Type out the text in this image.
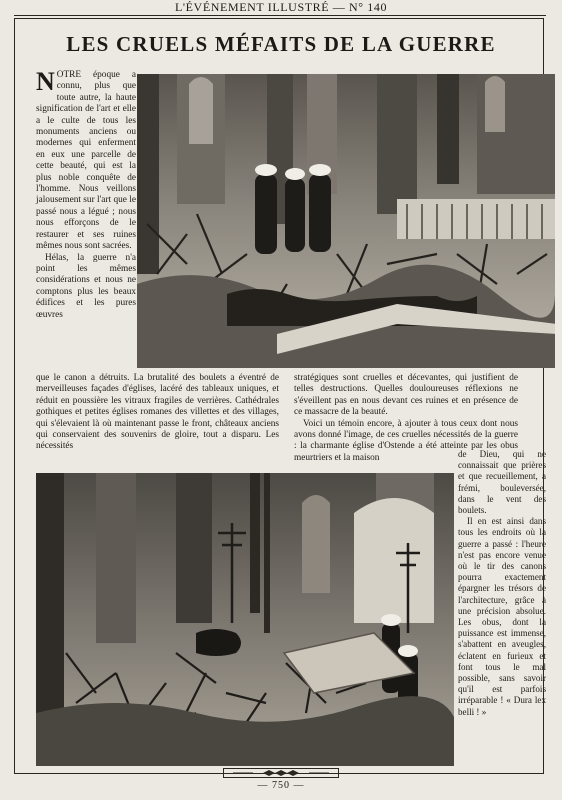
L'ÉVÉNEMENT ILLUSTRÉ — N° 140
LES CRUELS MÉFAITS DE LA GUERRE

NOTRE époque a connu, plus que toute autre, la haute signification de l'art et elle a le culte de tous les monuments anciens ou modernes qui enferment en eux une parcelle de cette beauté, qui est la plus noble conquête de l'homme. Nous veillons jalousement sur l'art que le passé nous a légué ; nous nous efforçons de le restaurer et ses ruines mêmes nous sont sacrées.

Hélas, la guerre n'a point les mêmes considérations et nous ne comptons plus les beaux édifices et les pures œuvres

que le canon a détruits. La brutalité des boulets a éventré de merveilleuses façades d'églises, lacéré des tableaux uniques, et réduit en poussière les vitraux fragiles de verrières. Cathédrales gothiques et petites églises romanes des villettes et des villages, qui s'élevaient là où maintenant passe le front, châteaux anciens qui conservaient des souvenirs de gloire, tout a disparu. Les nécessités

stratégiques sont cruelles et décevantes, qui justifient de telles destructions. Quelles douloureuses réflexions ne s'éveillent pas en nous devant ces ruines et en présence de ce massacre de la beauté.

Voici un témoin encore, à ajouter à tous ceux dont nous avons donné l'image, de ces cruelles nécessités de la guerre : la charmante église d'Ostende a été atteinte par les obus meurtriers et la maison	de Dieu, qui ne connaissait que prières et que recueillement, a frémi, bouleversée, dans le vent des boulets.

Il en est ainsi dans tous les endroits où la guerre a passé : l'heure n'est pas encore venue où le tir des canons pourra exactement épargner les trésors de l'architecture, grâce à une précision absolue. Les obus, dont la puissance est immense, s'abattent en aveugles, éclatent en furieux et font tous le mal possible, sans savoir qu'il est parfois irréparable ! « Dura lex belli ! »

— 750 —
